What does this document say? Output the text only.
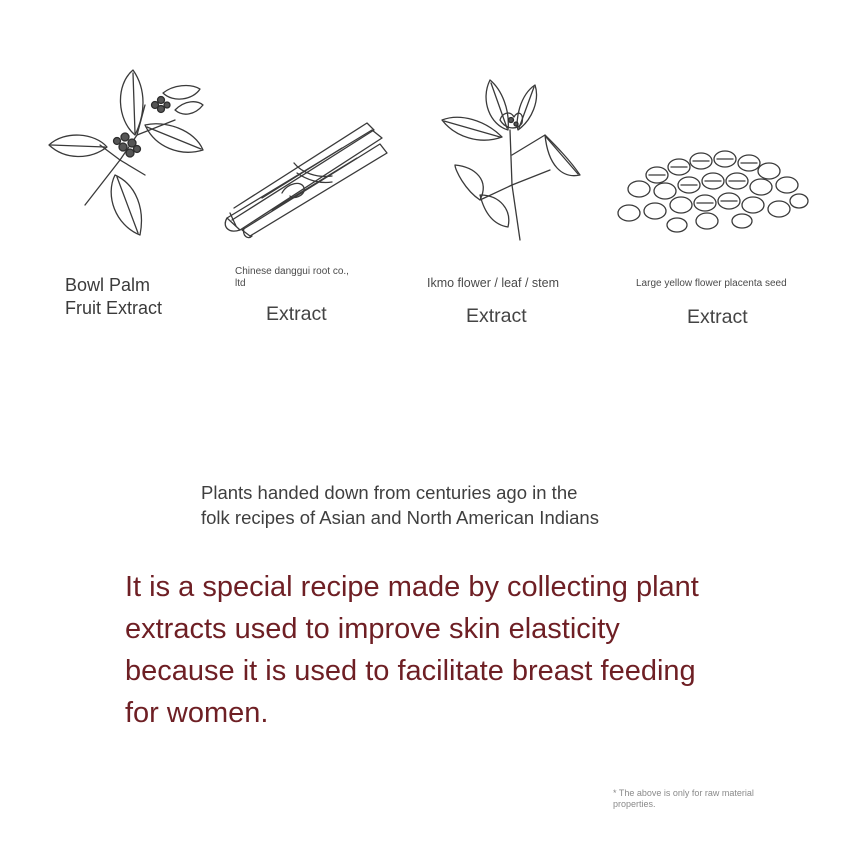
Bowl Palm
Fruit Extract
Chinese danggui root co.,
ltd
Extract
Ikmo flower / leaf / stem
Extract
Large yellow flower placenta seed
Extract
Plants handed down from centuries ago in the
folk recipes of Asian and North American Indians
It is a special recipe made by collecting plant
extracts used to improve skin elasticity
because it is used to facilitate breast feeding
for women.
* The above is only for raw material
properties.
